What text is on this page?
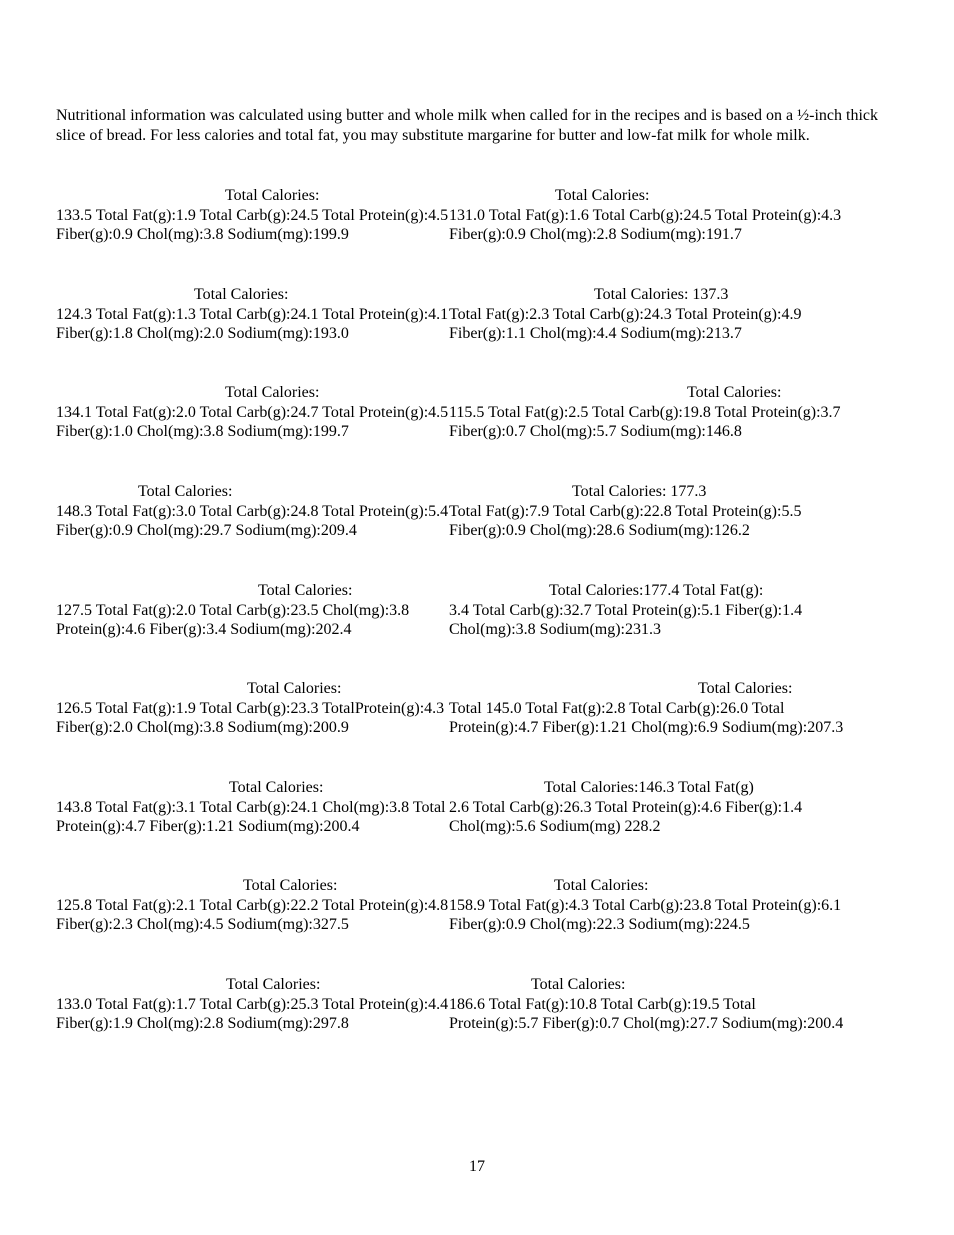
Nutritional information was calculated using butter and whole milk when called for in the recipes and is based on a ½-inch thick slice of bread. For less calories and total fat, you may substitute margarine for butter and low-fat milk for whole milk.

Total Calories:
133.5 Total Fat(g):1.9 Total Carb(g):24.5 Total Protein(g):4.5 Fiber(g):0.9 Chol(mg):3.8 Sodium(mg):199.9
Total Calories:
124.3 Total Fat(g):1.3 Total Carb(g):24.1 Total Protein(g):4.1 Fiber(g):1.8 Chol(mg):2.0 Sodium(mg):193.0
Total Calories:
134.1 Total Fat(g):2.0 Total Carb(g):24.7 Total Protein(g):4.5 Fiber(g):1.0 Chol(mg):3.8 Sodium(mg):199.7
Total Calories:
148.3 Total Fat(g):3.0 Total Carb(g):24.8 Total Protein(g):5.4 Fiber(g):0.9 Chol(mg):29.7 Sodium(mg):209.4
Total Calories:
127.5 Total Fat(g):2.0 Total Carb(g):23.5 Chol(mg):3.8 Protein(g):4.6 Fiber(g):3.4 Sodium(mg):202.4
Total Calories:
126.5 Total Fat(g):1.9 Total Carb(g):23.3 TotalProtein(g):4.3 Fiber(g):2.0 Chol(mg):3.8 Sodium(mg):200.9
Total Calories:
143.8 Total Fat(g):3.1 Total Carb(g):24.1 Chol(mg):3.8 Total Protein(g):4.7 Fiber(g):1.21 Sodium(mg):200.4
Total Calories:
125.8 Total Fat(g):2.1 Total Carb(g):22.2 Total Protein(g):4.8 Fiber(g):2.3 Chol(mg):4.5 Sodium(mg):327.5
Total Calories:
133.0 Total Fat(g):1.7 Total Carb(g):25.3 Total Protein(g):4.4 Fiber(g):1.9 Chol(mg):2.8 Sodium(mg):297.8
Total Calories:
131.0 Total Fat(g):1.6 Total Carb(g):24.5 Total Protein(g):4.3 Fiber(g):0.9 Chol(mg):2.8 Sodium(mg):191.7
Total Calories: 137.3
Total Fat(g):2.3 Total Carb(g):24.3 Total Protein(g):4.9 Fiber(g):1.1 Chol(mg):4.4 Sodium(mg):213.7
Total Calories:
115.5 Total Fat(g):2.5 Total Carb(g):19.8 Total Protein(g):3.7 Fiber(g):0.7 Chol(mg):5.7 Sodium(mg):146.8
Total Calories: 177.3
Total Fat(g):7.9 Total Carb(g):22.8 Total Protein(g):5.5 Fiber(g):0.9 Chol(mg):28.6 Sodium(mg):126.2
Total Calories:177.4 Total Fat(g):
3.4 Total Carb(g):32.7 Total Protein(g):5.1 Fiber(g):1.4 Chol(mg):3.8 Sodium(mg):231.3
Total Calories:
Total 145.0 Total Fat(g):2.8 Total Carb(g):26.0 Total Protein(g):4.7 Fiber(g):1.21 Chol(mg):6.9 Sodium(mg):207.3
Total Calories:146.3 Total Fat(g)
2.6 Total Carb(g):26.3 Total Protein(g):4.6 Fiber(g):1.4 Chol(mg):5.6 Sodium(mg) 228.2
Total Calories:
158.9 Total Fat(g):4.3 Total Carb(g):23.8 Total Protein(g):6.1 Fiber(g):0.9 Chol(mg):22.3 Sodium(mg):224.5
Total Calories:
186.6 Total Fat(g):10.8 Total Carb(g):19.5 Total Protein(g):5.7 Fiber(g):0.7 Chol(mg):27.7 Sodium(mg):200.4
17
